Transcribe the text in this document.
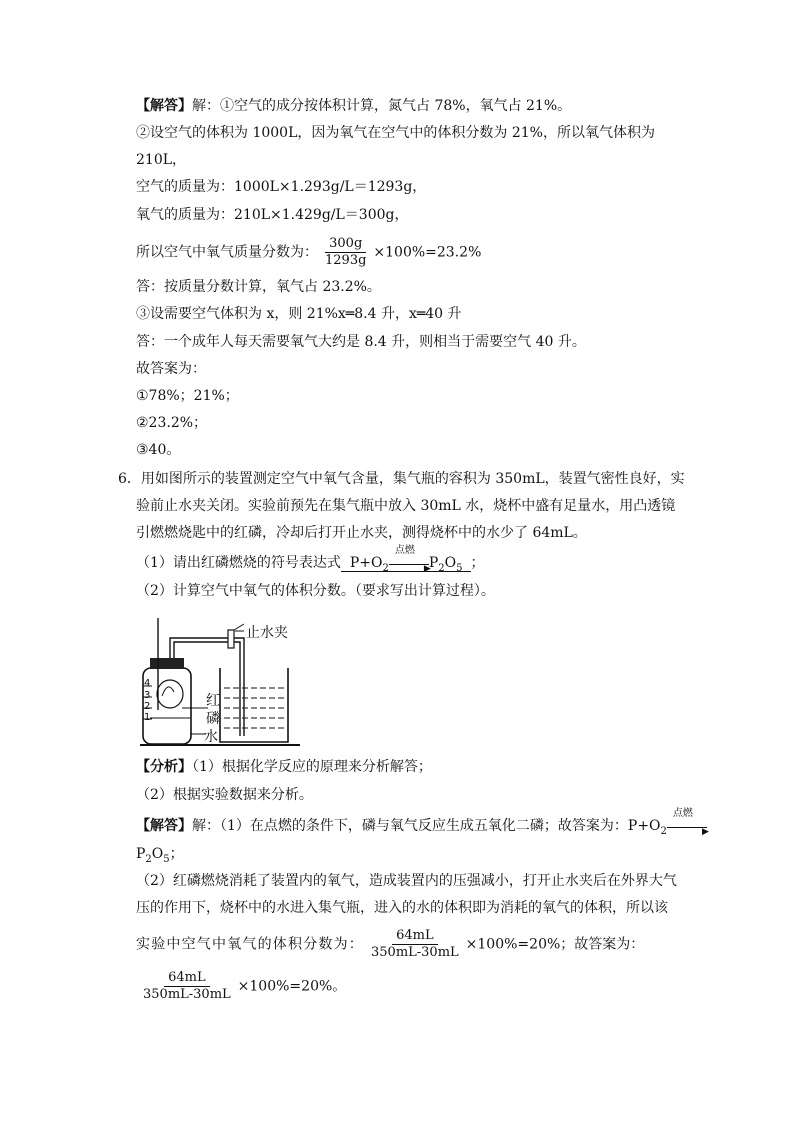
【解答】解：①空气的成分按体积计算，氮气占 78%，氧气占 21%。
②设空气的体积为 1000L，因为氧气在空气中的体积分数为 21%，所以氧气体积为
210L，
空气的质量为：1000L×1.293g/L＝1293g，
氧气的质量为：210L×1.429g/L＝300g，
所以空气中氧气质量分数为： $\frac{300g}{1293g} \times 100\%=23.2\%$
答：按质量分数计算，氧气占 23.2%。
③设需要空气体积为 x，则 21%x═8.4 升，x═40 升
答：一个成年人每天需要氧气大约是 8.4 升，则相当于需要空气 40 升。
故答案为：
①78%；21%；
②23.2%；
③40。
6．用如图所示的装置测定空气中氧气含量，集气瓶的容积为 350mL，装置气密性良好，实
验前止水夹关闭。实验前预先在集气瓶中放入 30mL 水，烧杯中盛有足量水，用凸透镜
引燃燃烧匙中的红磷，冷却后打开止水夹，测得烧杯中的水少了 64mL。
（1）请出红磷燃烧的符号表达式 $P+O_2$
点燃
▶
$P_2O_5$ ；
（2）计算空气中氧气的体积分数。（要求写出计算过程）。
止水夹
红
磷
水
4
3
2
1
【分析】（1）根据化学反应的原理来分析解答；
（2）根据实验数据来分析。
【解答】解：（1）在点燃的条件下，磷与氧气反应生成五氧化二磷；故答案为：$P+O_2$
点燃
▶
$P_2O_5$；
（2）红磷燃烧消耗了装置内的氧气，造成装置内的压强减小，打开止水夹后在外界大气
压的作用下，烧杯中的水进入集气瓶，进入的水的体积即为消耗的氧气的体积，所以该
实验中空气中氧气的体积分数为： $\frac{64mL}{350mL-30mL} \times 100\%=20\%$；故答案为：
$\frac{64mL}{350mL-30mL} \times 100\%=20\%$。
